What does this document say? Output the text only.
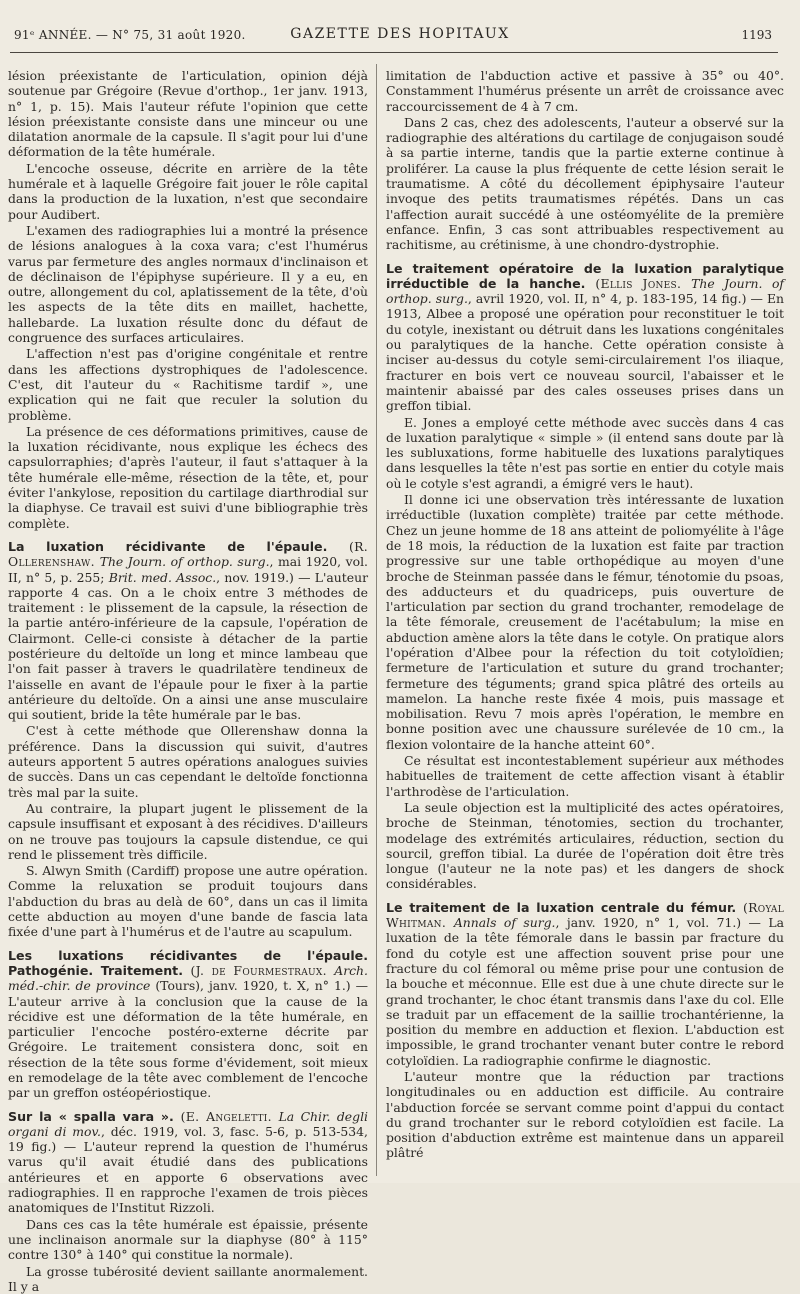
91ᵉ ANNÉE. — N° 75, 31 août 1920.	GAZETTE DES HOPITAUX	1193

lésion préexistante de l'articulation, opinion déjà soutenue par Grégoire (Revue d'orthop., 1er janv. 1913, n° 1, p. 15). Mais l'auteur réfute l'opinion que cette lésion préexistante consiste dans une minceur ou une dilatation anormale de la capsule. Il s'agit pour lui d'une déformation de la tête humérale.

L'encoche osseuse, décrite en arrière de la tête humérale et à laquelle Grégoire fait jouer le rôle capital dans la production de la luxation, n'est que secondaire pour Audibert.

L'examen des radiographies lui a montré la présence de lésions analogues à la coxa vara; c'est l'humérus varus par fermeture des angles normaux d'inclinaison et de déclinaison de l'épiphyse supérieure. Il y a eu, en outre, allongement du col, aplatissement de la tête, d'où les aspects de la tête dits en maillet, hachette, hallebarde. La luxation résulte donc du défaut de congruence des surfaces articulaires.

L'affection n'est pas d'origine congénitale et rentre dans les affections dystrophiques de l'adolescence. C'est, dit l'auteur du « Rachitisme tardif », une explication qui ne fait que reculer la solution du problème.

La présence de ces déformations primitives, cause de la luxation récidivante, nous explique les échecs des capsulorraphies; d'après l'auteur, il faut s'attaquer à la tête humérale elle-même, résection de la tête, et, pour éviter l'ankylose, reposition du cartilage diarthrodial sur la diaphyse. Ce travail est suivi d'une bibliographie très complète.

La luxation récidivante de l'épaule. (R. Ollerenshaw. The Journ. of orthop. surg., mai 1920, vol. II, n° 5, p. 255; Brit. med. Assoc., nov. 1919.) — L'auteur rapporte 4 cas. On a le choix entre 3 méthodes de traitement : le plissement de la capsule, la résection de la partie antéro-inférieure de la capsule, l'opération de Clairmont. Celle-ci consiste à détacher de la partie postérieure du deltoïde un long et mince lambeau que l'on fait passer à travers le quadrilatère tendineux de l'aisselle en avant de l'épaule pour le fixer à la partie antérieure du deltoïde. On a ainsi une anse musculaire qui soutient, bride la tête humérale par le bas.

C'est à cette méthode que Ollerenshaw donna la préférence. Dans la discussion qui suivit, d'autres auteurs apportent 5 autres opérations analogues suivies de succès. Dans un cas cependant le deltoïde fonctionna très mal par la suite.

Au contraire, la plupart jugent le plissement de la capsule insuffisant et exposant à des récidives. D'ailleurs on ne trouve pas toujours la capsule distendue, ce qui rend le plissement très difficile.

S. Alwyn Smith (Cardiff) propose une autre opération. Comme la reluxation se produit toujours dans l'abduction du bras au delà de 60°, dans un cas il limita cette abduction au moyen d'une bande de fascia lata fixée d'une part à l'humérus et de l'autre au scapulum.

Les luxations récidivantes de l'épaule. Pathogénie. Traitement. (J. de Fourmestraux. Arch. méd.-chir. de province (Tours), janv. 1920, t. X, n° 1.) — L'auteur arrive à la conclusion que la cause de la récidive est une déformation de la tête humérale, en particulier l'encoche postéro-externe décrite par Grégoire. Le traitement consistera donc, soit en résection de la tête sous forme d'évidement, soit mieux en remodelage de la tête avec comblement de l'encoche par un greffon ostéopériostique.

Sur la « spalla vara ». (E. Angeletti. La Chir. degli organi di mov., déc. 1919, vol. 3, fasc. 5-6, p. 513-534, 19 fig.) — L'auteur reprend la question de l'humérus varus qu'il avait étudié dans des publications antérieures et en apporte 6 observations avec radiographies. Il en rapproche l'examen de trois pièces anatomiques de l'Institut Rizzoli.

Dans ces cas la tête humérale est épaissie, présente une inclinaison anormale sur la diaphyse (80° à 115° contre 130° à 140° qui constitue la normale).

La grosse tubérosité devient saillante anormalement. Il y a

limitation de l'abduction active et passive à 35° ou 40°. Constamment l'humérus présente un arrêt de croissance avec raccourcissement de 4 à 7 cm.

Dans 2 cas, chez des adolescents, l'auteur a observé sur la radiographie des altérations du cartilage de conjugaison soudé à sa partie interne, tandis que la partie externe continue à proliférer. La cause la plus fréquente de cette lésion serait le traumatisme. A côté du décollement épiphysaire l'auteur invoque des petits traumatismes répétés. Dans un cas l'affection aurait succédé à une ostéomyélite de la première enfance. Enfin, 3 cas sont attribuables respectivement au rachitisme, au crétinisme, à une chondro-dystrophie.

Le traitement opératoire de la luxation paralytique irréductible de la hanche. (Ellis Jones. The Journ. of orthop. surg., avril 1920, vol. II, n° 4, p. 183-195, 14 fig.) — En 1913, Albee a proposé une opération pour reconstituer le toit du cotyle, inexistant ou détruit dans les luxations congénitales ou paralytiques de la hanche. Cette opération consiste à inciser au-dessus du cotyle semi-circulairement l'os iliaque, fracturer en bois vert ce nouveau sourcil, l'abaisser et le maintenir abaissé par des cales osseuses prises dans un greffon tibial.

E. Jones a employé cette méthode avec succès dans 4 cas de luxation paralytique « simple » (il entend sans doute par là les subluxations, forme habituelle des luxations paralytiques dans lesquelles la tête n'est pas sortie en entier du cotyle mais où le cotyle s'est agrandi, a émigré vers le haut).

Il donne ici une observation très intéressante de luxation irréductible (luxation complète) traitée par cette méthode. Chez un jeune homme de 18 ans atteint de poliomyélite à l'âge de 18 mois, la réduction de la luxation est faite par traction progressive sur une table orthopédique au moyen d'une broche de Steinman passée dans le fémur, ténotomie du psoas, des adducteurs et du quadriceps, puis ouverture de l'articulation par section du grand trochanter, remodelage de la tête fémorale, creusement de l'acétabulum; la mise en abduction amène alors la tête dans le cotyle. On pratique alors l'opération d'Albee pour la réfection du toit cotyloïdien; fermeture de l'articulation et suture du grand trochanter; fermeture des téguments; grand spica plâtré des orteils au mamelon. La hanche reste fixée 4 mois, puis massage et mobilisation. Revu 7 mois après l'opération, le membre en bonne position avec une chaussure surélevée de 10 cm., la flexion volontaire de la hanche atteint 60°.

Ce résultat est incontestablement supérieur aux méthodes habituelles de traitement de cette affection visant à établir l'arthrodèse de l'articulation.

La seule objection est la multiplicité des actes opératoires, broche de Steinman, ténotomies, section du trochanter, modelage des extrémités articulaires, réduction, section du sourcil, greffon tibial. La durée de l'opération doit être très longue (l'auteur ne la note pas) et les dangers de shock considérables.

Le traitement de la luxation centrale du fémur. (Royal Whitman. Annals of surg., janv. 1920, n° 1, vol. 71.) — La luxation de la tête fémorale dans le bassin par fracture du fond du cotyle est une affection souvent prise pour une fracture du col fémoral ou même prise pour une contusion de la bouche et méconnue. Elle est due à une chute directe sur le grand trochanter, le choc étant transmis dans l'axe du col. Elle se traduit par un effacement de la saillie trochantérienne, la position du membre en adduction et flexion. L'abduction est impossible, le grand trochanter venant buter contre le rebord cotyloïdien. La radiographie confirme le diagnostic.

L'auteur montre que la réduction par tractions longitudinales ou en adduction est difficile. Au contraire l'abduction forcée se servant comme point d'appui du contact du grand trochanter sur le rebord cotyloïdien est facile. La position d'abduction extrême est maintenue dans un appareil plâtré
